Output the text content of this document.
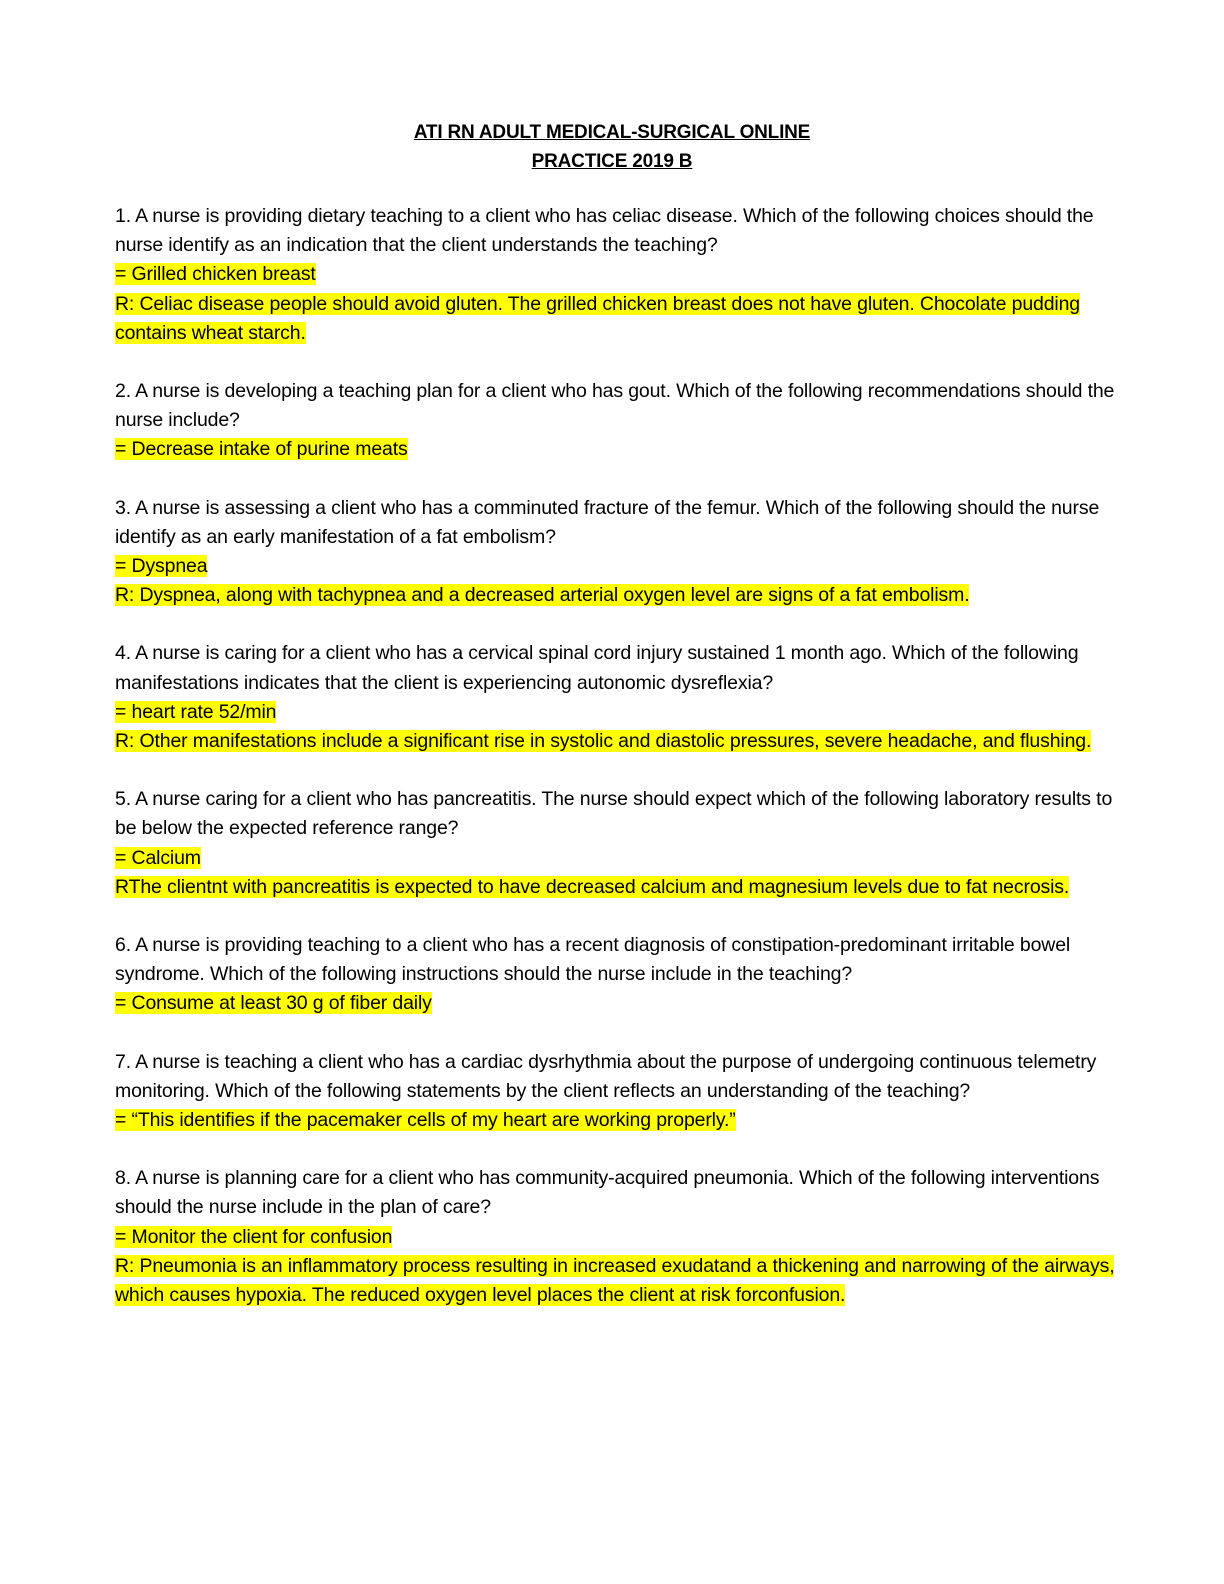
ATI RN ADULT MEDICAL-SURGICAL ONLINE
PRACTICE 2019 B
1. A nurse is providing dietary teaching to a client who has celiac disease. Which of the following choices should the nurse identify as an indication that the client understands the teaching?
= Grilled chicken breast
R: Celiac disease people should avoid gluten. The grilled chicken breast does not have gluten. Chocolate pudding contains wheat starch.
2. A nurse is developing a teaching plan for a client who has gout. Which of the following recommendations should the nurse include?
= Decrease intake of purine meats
3. A nurse is assessing a client who has a comminuted fracture of the femur. Which of the following should the nurse identify as an early manifestation of a fat embolism?
= Dyspnea
R: Dyspnea, along with tachypnea and a decreased arterial oxygen level are signs of a fat embolism.
4. A nurse is caring for a client who has a cervical spinal cord injury sustained 1 month ago. Which of the following manifestations indicates that the client is experiencing autonomic dysreflexia?
= heart rate 52/min
R: Other manifestations include a significant rise in systolic and diastolic pressures, severe headache, and flushing.
5. A nurse caring for a client who has pancreatitis. The nurse should expect which of the following laboratory results to be below the expected reference range?
= Calcium
RThe clientnt with pancreatitis is expected to have decreased calcium and magnesium levels due to fat necrosis.
6. A nurse is providing teaching to a client who has a recent diagnosis of constipation-predominant irritable bowel syndrome. Which of the following instructions should the nurse include in the teaching?
= Consume at least 30 g of fiber daily
7. A nurse is teaching a client who has a cardiac dysrhythmia about the purpose of undergoing continuous telemetry monitoring. Which of the following statements by the client reflects an understanding of the teaching?
= “This identifies if the pacemaker cells of my heart are working properly.”
8. A nurse is planning care for a client who has community-acquired pneumonia. Which of the following interventions should the nurse include in the plan of care?
= Monitor the client for confusion
R: Pneumonia is an inflammatory process resulting in increased exudatand a thickening and narrowing of the airways, which causes hypoxia. The reduced oxygen level places the client at risk forconfusion.
